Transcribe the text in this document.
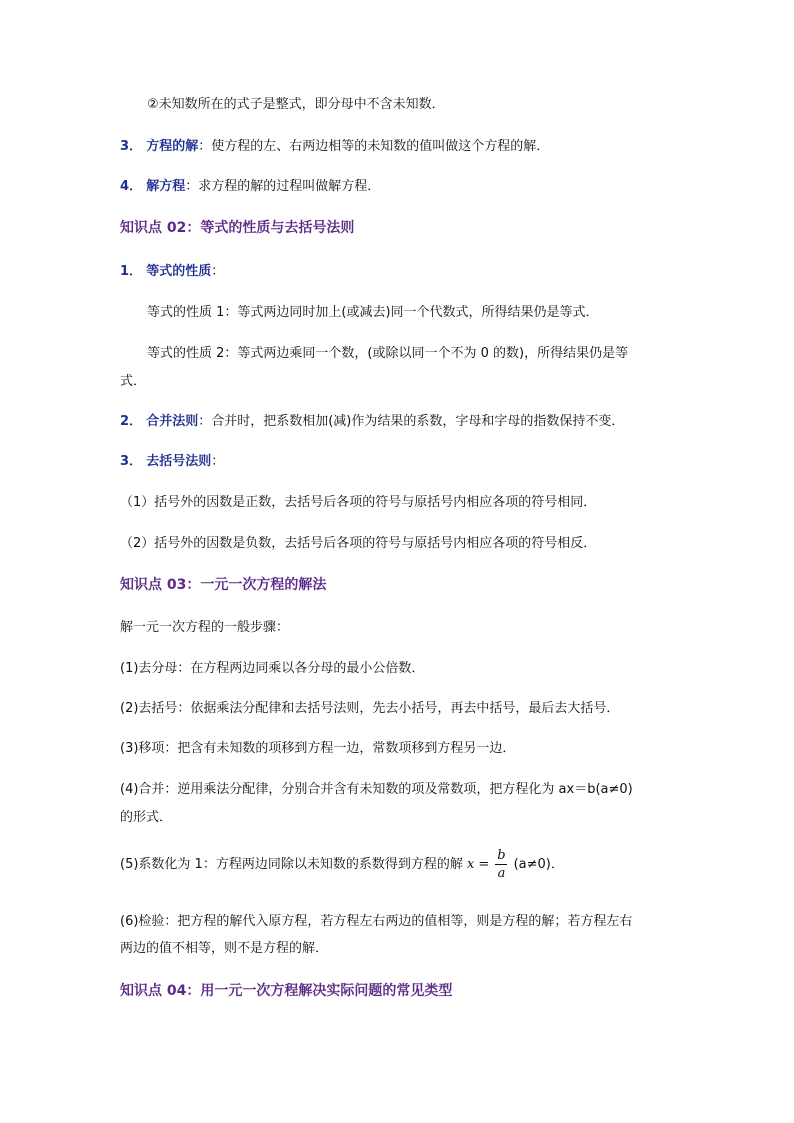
②未知数所在的式子是整式，即分母中不含未知数．
3． 方程的解：使方程的左、右两边相等的未知数的值叫做这个方程的解．
4． 解方程：求方程的解的过程叫做解方程．
知识点 02：等式的性质与去括号法则
1． 等式的性质：
等式的性质 1：等式两边同时加上(或减去)同一个代数式，所得结果仍是等式．
等式的性质 2：等式两边乘同一个数，(或除以同一个不为 0 的数)，所得结果仍是等
式．
2． 合并法则：合并时，把系数相加(减)作为结果的系数，字母和字母的指数保持不变．
3． 去括号法则：
（1）括号外的因数是正数，去括号后各项的符号与原括号内相应各项的符号相同．
（2）括号外的因数是负数，去括号后各项的符号与原括号内相应各项的符号相反．
知识点 03：一元一次方程的解法
解一元一次方程的一般步骤：
(1)去分母：在方程两边同乘以各分母的最小公倍数．
(2)去括号：依据乘法分配律和去括号法则，先去小括号，再去中括号，最后去大括号．
(3)移项：把含有未知数的项移到方程一边，常数项移到方程另一边．
(4)合并：逆用乘法分配律，分别合并含有未知数的项及常数项，把方程化为 ax＝b(a≠0)
的形式．
(5)系数化为 1：方程两边同除以未知数的系数得到方程的解 $x = \frac{b}{a} (a\ne 0)$．
(6)检验：把方程的解代入原方程，若方程左右两边的值相等，则是方程的解；若方程左右
两边的值不相等，则不是方程的解．
知识点 04：用一元一次方程解决实际问题的常见类型
